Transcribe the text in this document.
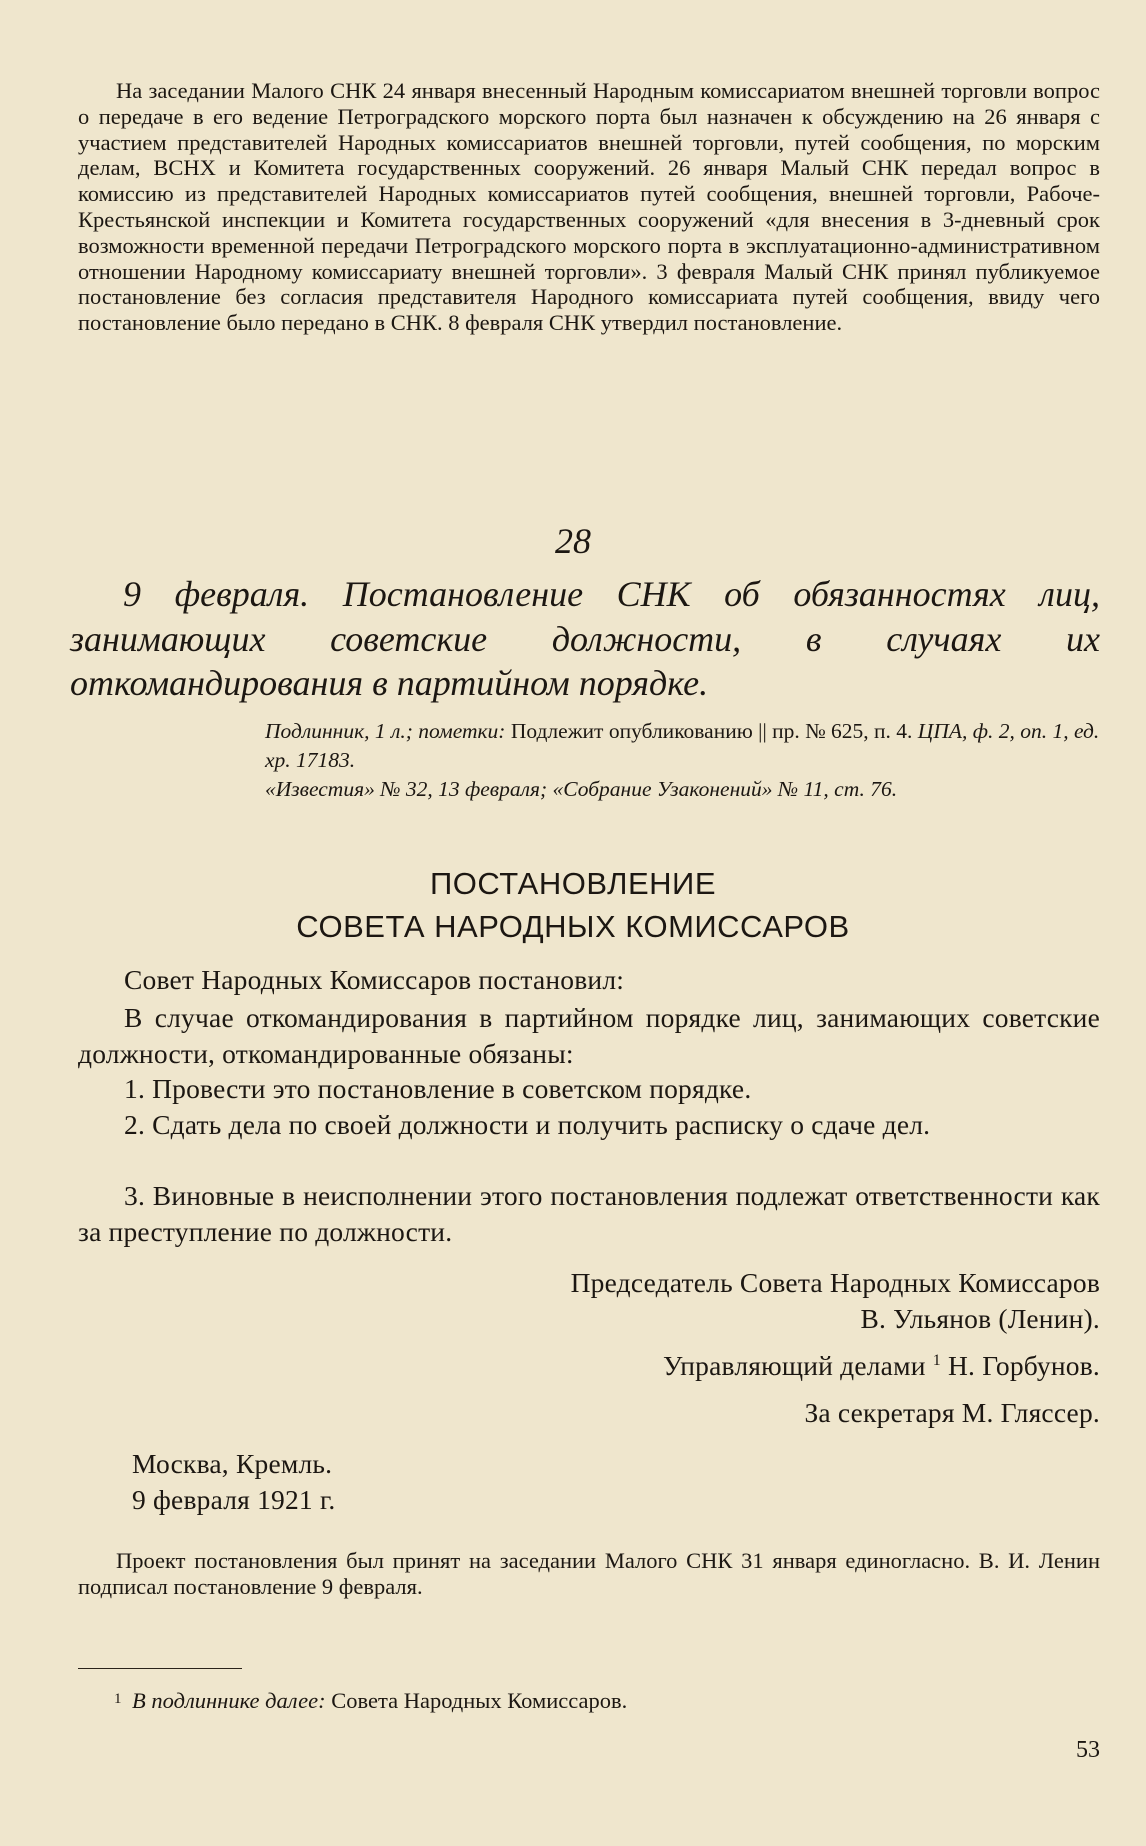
На заседании Малого СНК 24 января внесенный Народным комиссариатом внешней торговли вопрос о передаче в его ведение Петроградского морского порта был назначен к обсуждению на 26 января с участием представителей Народных комиссариатов внешней торговли, путей сообщения, по морским делам, ВСНХ и Комитета государственных сооружений. 26 января Малый СНК передал вопрос в комиссию из представителей Народных комиссариатов путей сообщения, внешней торговли, Рабоче-Крестьянской инспекции и Комитета государственных сооружений «для внесения в 3-дневный срок возможности временной передачи Петроградского морского порта в эксплуатационно-административном отношении Народному комиссариату внешней торговли». 3 февраля Малый СНК принял публикуемое постановление без согласия представителя Народного комиссариата путей сообщения, ввиду чего постановление было передано в СНК. 8 февраля СНК утвердил постановление.

28

9 февраля. Постановление СНК об обязанностях лиц, занимающих советские должности, в случаях их откомандирования в партийном порядке.

Подлинник, 1 л.; пометки: Подлежит опубликованию || пр. № 625, п. 4. ЦПА, ф. 2, оп. 1, ед. хр. 17183.
«Известия» № 32, 13 февраля; «Собрание Узаконений» № 11, ст. 76.

ПОСТАНОВЛЕНИЕ
СОВЕТА НАРОДНЫХ КОМИССАРОВ

Совет Народных Комиссаров постановил:

В случае откомандирования в партийном порядке лиц, занимающих советские должности, откомандированные обязаны:

1. Провести это постановление в советском порядке.

2. Сдать дела по своей должности и получить расписку о сдаче дел.

3. Виновные в неисполнении этого постановления подлежат ответственности как за преступление по должности.

Председатель Совета Народных Комиссаров
В. Ульянов (Ленин).
Управляющий делами $^1$ Н. Горбунов.
За секретаря М. Гляссер.
Москва, Кремль.
9 февраля 1921 г.

Проект постановления был принят на заседании Малого СНК 31 января единогласно. В. И. Ленин подписал постановление 9 февраля.

1 В подлиннике далее: Совета Народных Комиссаров.
53
